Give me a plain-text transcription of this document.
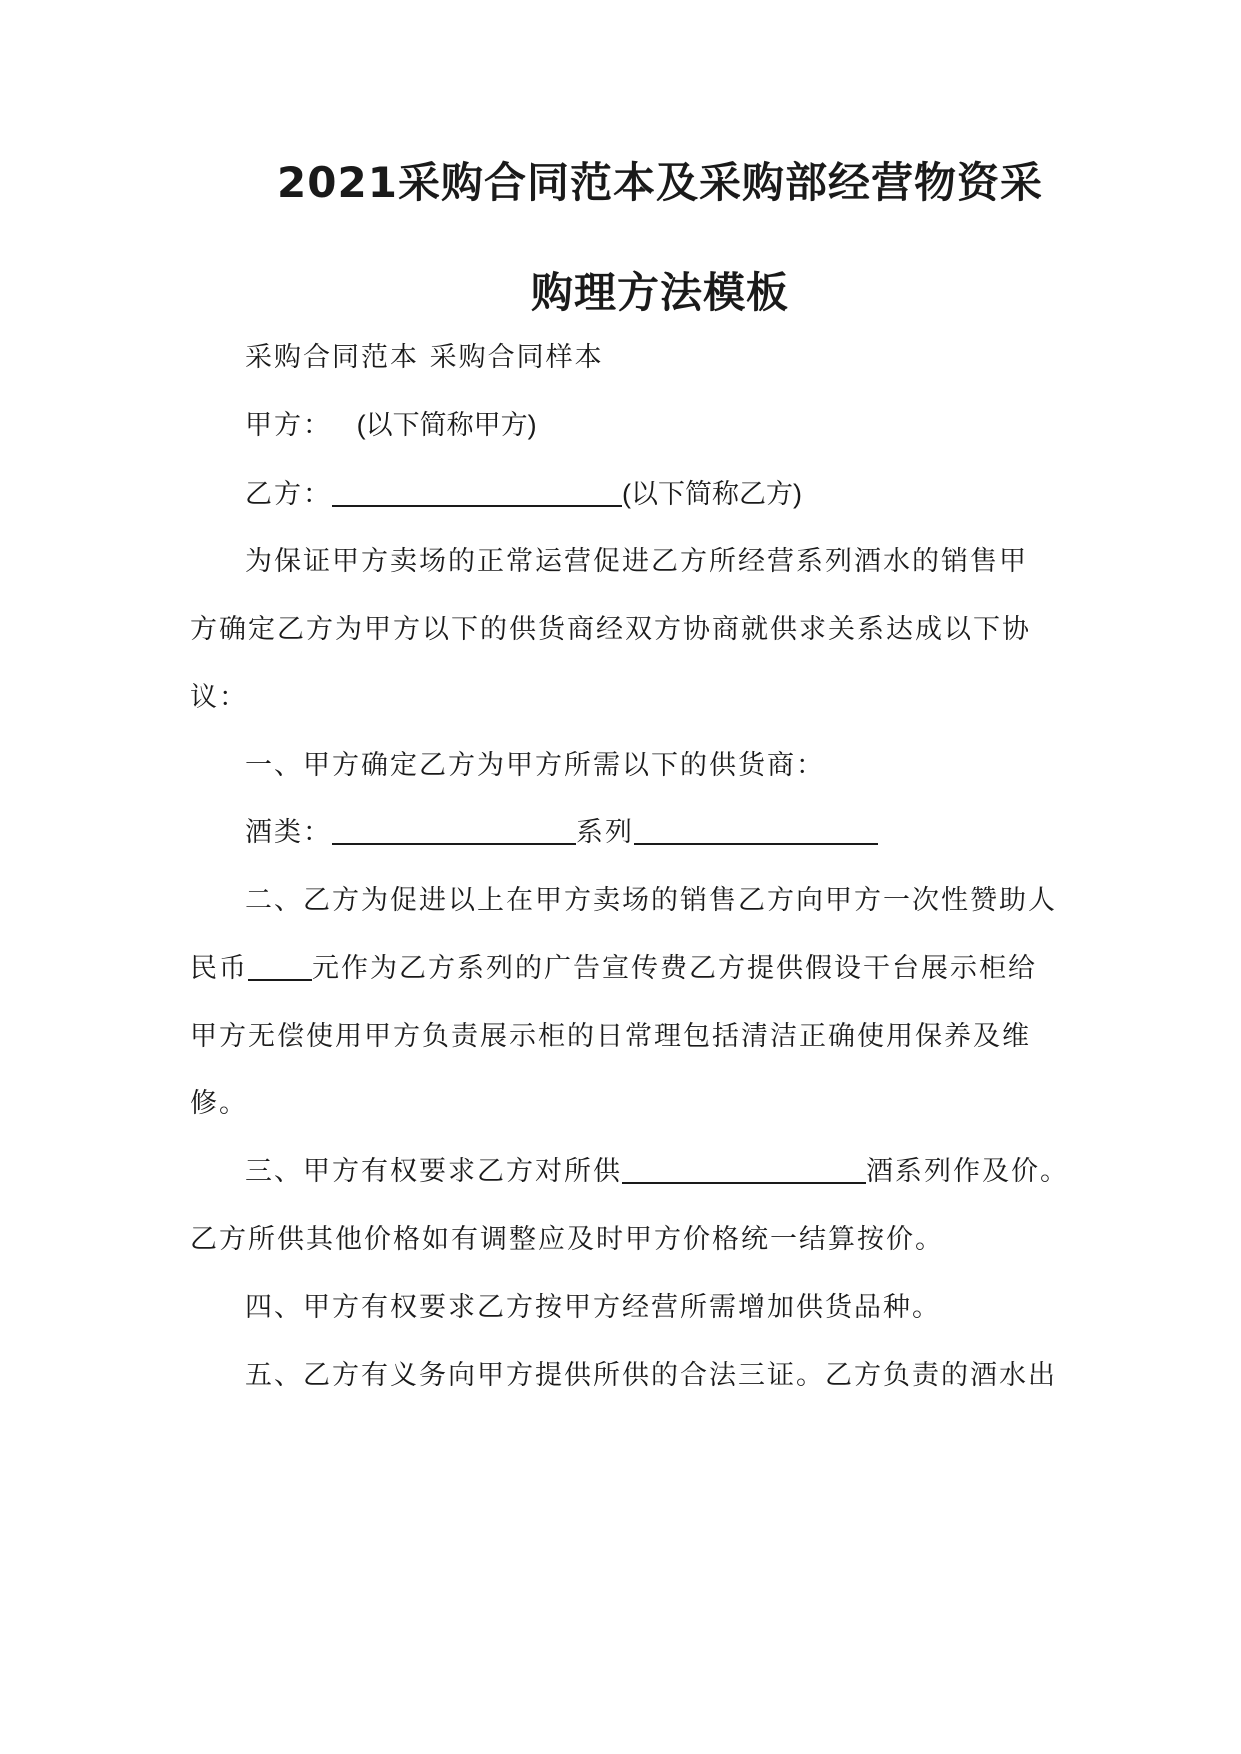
2021采购合同范本及采购部经营物资采
购理方法模板
采购合同范本 采购合同样本
甲方： (以下简称甲方)
乙方：	(以下简称乙方)
为保证甲方卖场的正常运营促进乙方所经营系列酒水的销售甲
方确定乙方为甲方以下的供货商经双方协商就供求关系达成以下协
议：
一、甲方确定乙方为甲方所需以下的供货商：
酒类：	系列
二、乙方为促进以上在甲方卖场的销售乙方向甲方一次性赞助人
民币 元作为乙方系列的广告宣传费乙方提供假设干台展示柜给
甲方无偿使用甲方负责展示柜的日常理包括清洁正确使用保养及维
修。
三、甲方有权要求乙方对所供	酒系列作及价。
乙方所供其他价格如有调整应及时甲方价格统一结算按价。
四、甲方有权要求乙方按甲方经营所需增加供货品种。
五、乙方有义务向甲方提供所供的合法三证。乙方负责的酒水出
